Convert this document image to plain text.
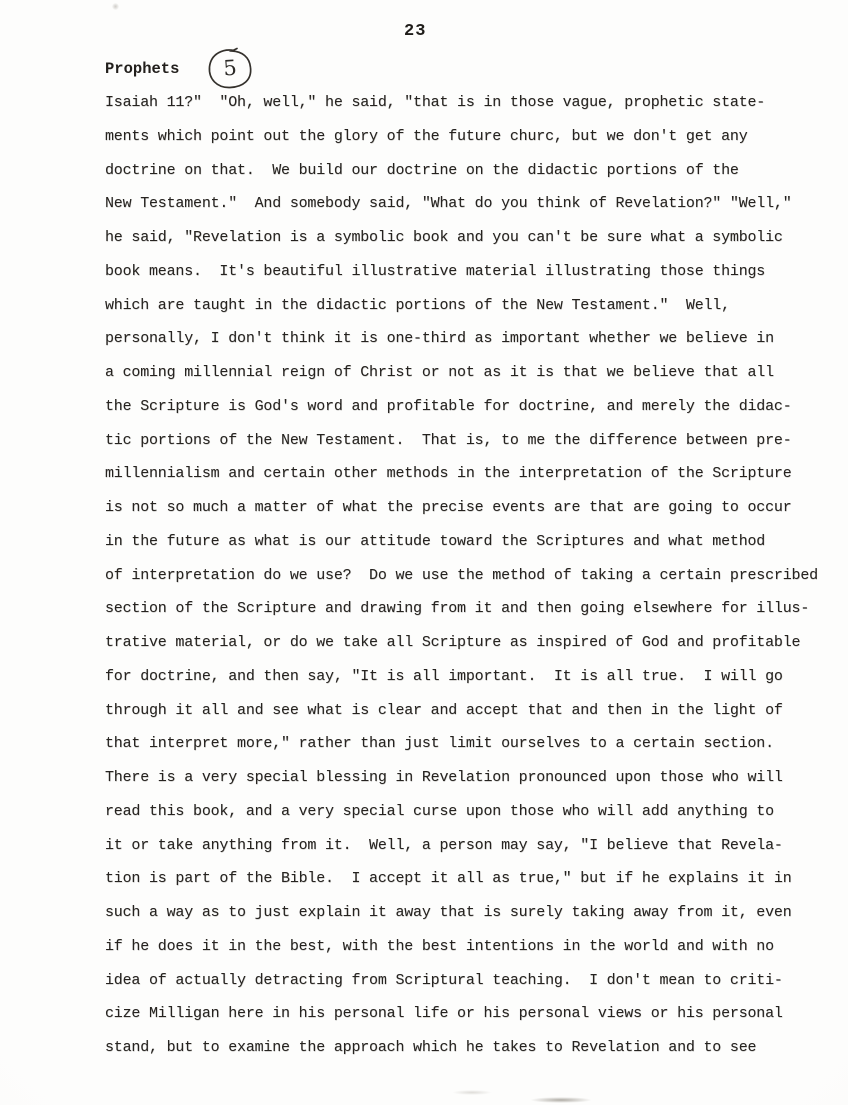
23
Prophets	5
Isaiah 11?"  "Oh, well," he said, "that is in those vague, prophetic state-
ments which point out the glory of the future churc, but we don't get any
doctrine on that.  We build our doctrine on the didactic portions of the
New Testament."  And somebody said, "What do you think of Revelation?" "Well,"
he said, "Revelation is a symbolic book and you can't be sure what a symbolic
book means.  It's beautiful illustrative material illustrating those things
which are taught in the didactic portions of the New Testament."  Well,
personally, I don't think it is one-third as important whether we believe in
a coming millennial reign of Christ or not as it is that we believe that all
the Scripture is God's word and profitable for doctrine, and merely the didac-
tic portions of the New Testament.  That is, to me the difference between pre-
millennialism and certain other methods in the interpretation of the Scripture
is not so much a matter of what the precise events are that are going to occur
in the future as what is our attitude toward the Scriptures and what method
of interpretation do we use?  Do we use the method of taking a certain prescribed
section of the Scripture and drawing from it and then going elsewhere for illus-
trative material, or do we take all Scripture as inspired of God and profitable
for doctrine, and then say, "It is all important.  It is all true.  I will go
through it all and see what is clear and accept that and then in the light of
that interpret more," rather than just limit ourselves to a certain section.
There is a very special blessing in Revelation pronounced upon those who will
read this book, and a very special curse upon those who will add anything to
it or take anything from it.  Well, a person may say, "I believe that Revela-
tion is part of the Bible.  I accept it all as true," but if he explains it in
such a way as to just explain it away that is surely taking away from it, even
if he does it in the best, with the best intentions in the world and with no
idea of actually detracting from Scriptural teaching.  I don't mean to criti-
cize Milligan here in his personal life or his personal views or his personal
stand, but to examine the approach which he takes to Revelation and to see
